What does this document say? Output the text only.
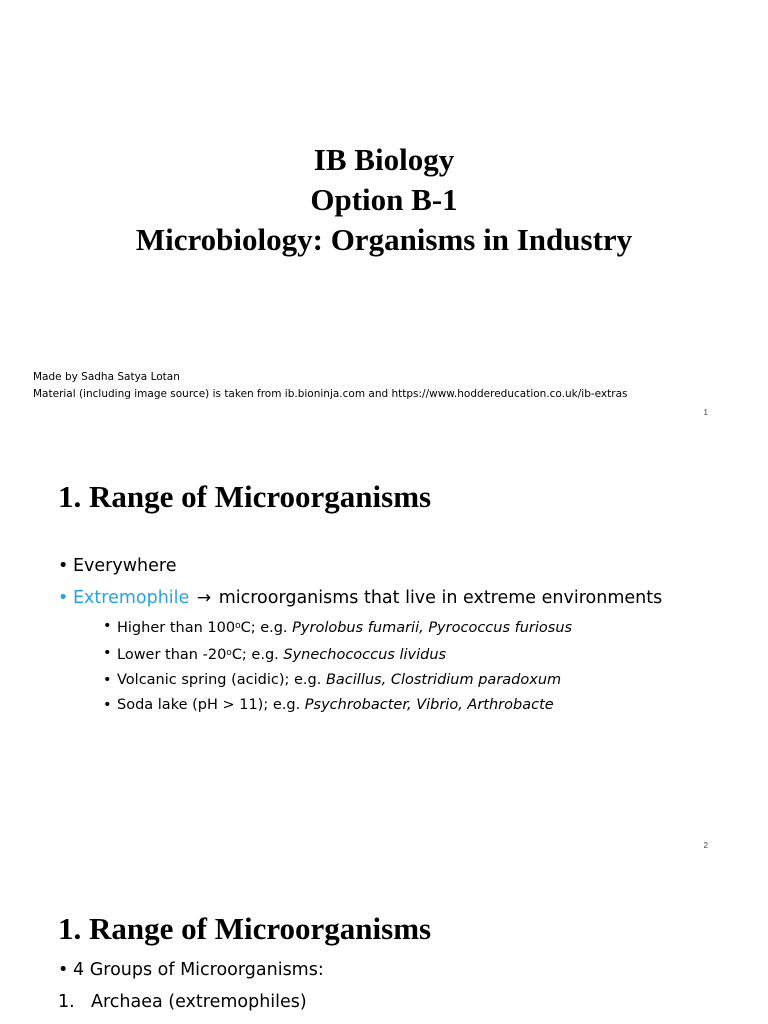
IB Biology
Option B-1
Microbiology: Organisms in Industry
Made by Sadha Satya Lotan
Material (including image source) is taken from ib.bioninja.com and https://www.hoddereducation.co.uk/ib-extras
1
1. Range of Microorganisms
• Everywhere
• Extremophile → microorganisms that live in extreme environments
• Higher than 100$^o$C; e.g. Pyrolobus fumarii, Pyrococcus furiosus
• Lower than -20$^o$C; e.g. Synechococcus lividus
• Volcanic spring (acidic); e.g. Bacillus, Clostridium paradoxum
• Soda lake (pH > 11); e.g. Psychrobacter, Vibrio, Arthrobacte
2
1. Range of Microorganisms
• 4 Groups of Microorganisms:
1. Archaea (extremophiles)
